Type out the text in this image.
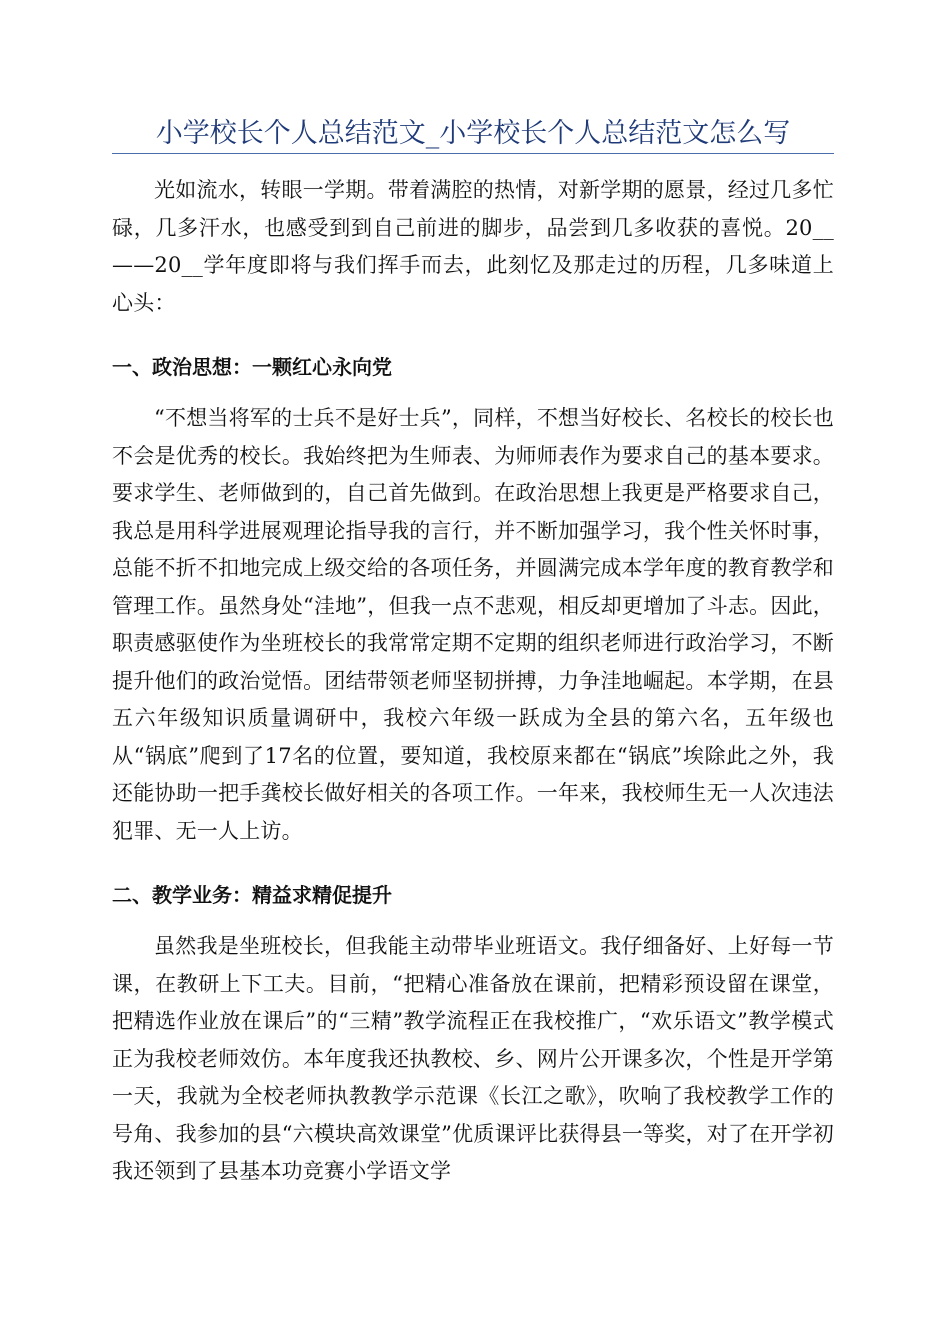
小学校长个人总结范文_小学校长个人总结范文怎么写

光如流水，转眼一学期。带着满腔的热情，对新学期的愿景，经过几多忙碌，几多汗水，也感受到到自己前进的脚步，品尝到几多收获的喜悦。20__——20__学年度即将与我们挥手而去，此刻忆及那走过的历程，几多味道上心头：

一、政治思想：一颗红心永向党

“不想当将军的士兵不是好士兵”，同样，不想当好校长、名校长的校长也不会是优秀的校长。我始终把为生师表、为师师表作为要求自己的基本要求。要求学生、老师做到的，自己首先做到。在政治思想上我更是严格要求自己，我总是用科学进展观理论指导我的言行，并不断加强学习，我个性关怀时事，总能不折不扣地完成上级交给的各项任务，并圆满完成本学年度的教育教学和管理工作。虽然身处“洼地”，但我一点不悲观，相反却更增加了斗志。因此，职责感驱使作为坐班校长的我常常定期不定期的组织老师进行政治学习，不断提升他们的政治觉悟。团结带领老师坚韧拼搏，力争洼地崛起。本学期，在县五六年级知识质量调研中，我校六年级一跃成为全县的第六名，五年级也从“锅底”爬到了17名的位置，要知道，我校原来都在“锅底”埃除此之外，我还能协助一把手龚校长做好相关的各项工作。一年来，我校师生无一人次违法犯罪、无一人上访。

二、教学业务：精益求精促提升

虽然我是坐班校长，但我能主动带毕业班语文。我仔细备好、上好每一节课，在教研上下工夫。目前，“把精心准备放在课前，把精彩预设留在课堂，把精选作业放在课后”的“三精”教学流程正在我校推广，“欢乐语文”教学模式正为我校老师效仿。本年度我还执教校、乡、网片公开课多次，个性是开学第一天，我就为全校老师执教教学示范课《长江之歌》，吹响了我校教学工作的号角、我参加的县“六模块高效课堂”优质课评比获得县一等奖，对了在开学初我还领到了县基本功竞赛小学语文学
